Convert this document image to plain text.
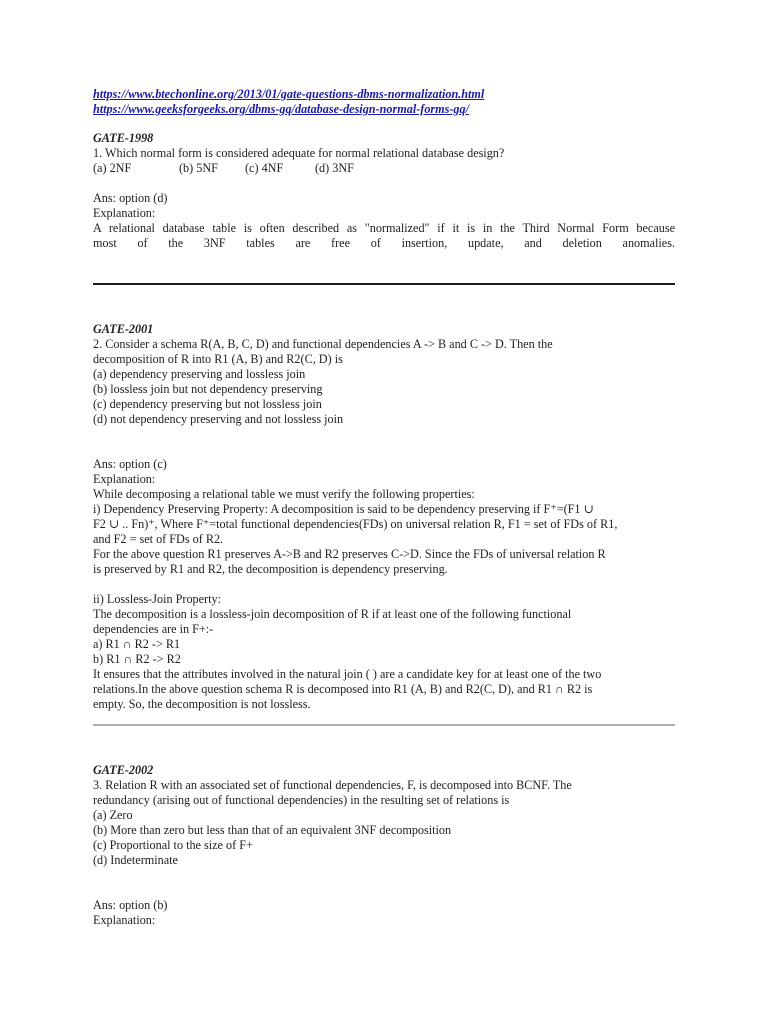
https://www.btechonline.org/2013/01/gate-questions-dbms-normalization.html
https://www.geeksforgeeks.org/dbms-gq/database-design-normal-forms-gq/
GATE-1998
1. Which normal form is considered adequate for normal relational database design?
(a) 2NF	(b) 5NF (c) 4NF	(d) 3NF
Ans: option (d)
Explanation:
A relational database table is often described as "normalized" if it is in the Third Normal Form because
most of the 3NF tables are free of insertion, update, and deletion anomalies.
GATE-2001
2. Consider a schema R(A, B, C, D) and functional dependencies A -> B and C -> D. Then the
decomposition of R into R1 (A, B) and R2(C, D) is
(a) dependency preserving and lossless join
(b) lossless join but not dependency preserving
(c) dependency preserving but not lossless join
(d) not dependency preserving and not lossless join
Ans: option (c)
Explanation:
While decomposing a relational table we must verify the following properties:
i) Dependency Preserving Property: A decomposition is said to be dependency preserving if F⁺=(F1 ∪
F2 ∪ .. Fn)⁺, Where F⁺=total functional dependencies(FDs) on universal relation R, F1 = set of FDs of R1,
and F2 = set of FDs of R2.
For the above question R1 preserves A->B and R2 preserves C->D. Since the FDs of universal relation R
is preserved by R1 and R2, the decomposition is dependency preserving.
ii) Lossless-Join Property:
The decomposition is a lossless-join decomposition of R if at least one of the following functional
dependencies are in F+:-
a) R1 ∩ R2 -> R1
b) R1 ∩ R2 -> R2
It ensures that the attributes involved in the natural join ( ) are a candidate key for at least one of the two
relations.In the above question schema R is decomposed into R1 (A, B) and R2(C, D), and R1 ∩ R2 is
empty. So, the decomposition is not lossless.
GATE-2002
3. Relation R with an associated set of functional dependencies, F, is decomposed into BCNF. The
redundancy (arising out of functional dependencies) in the resulting set of relations is
(a) Zero
(b) More than zero but less than that of an equivalent 3NF decomposition
(c) Proportional to the size of F+
(d) Indeterminate
Ans: option (b)
Explanation:
